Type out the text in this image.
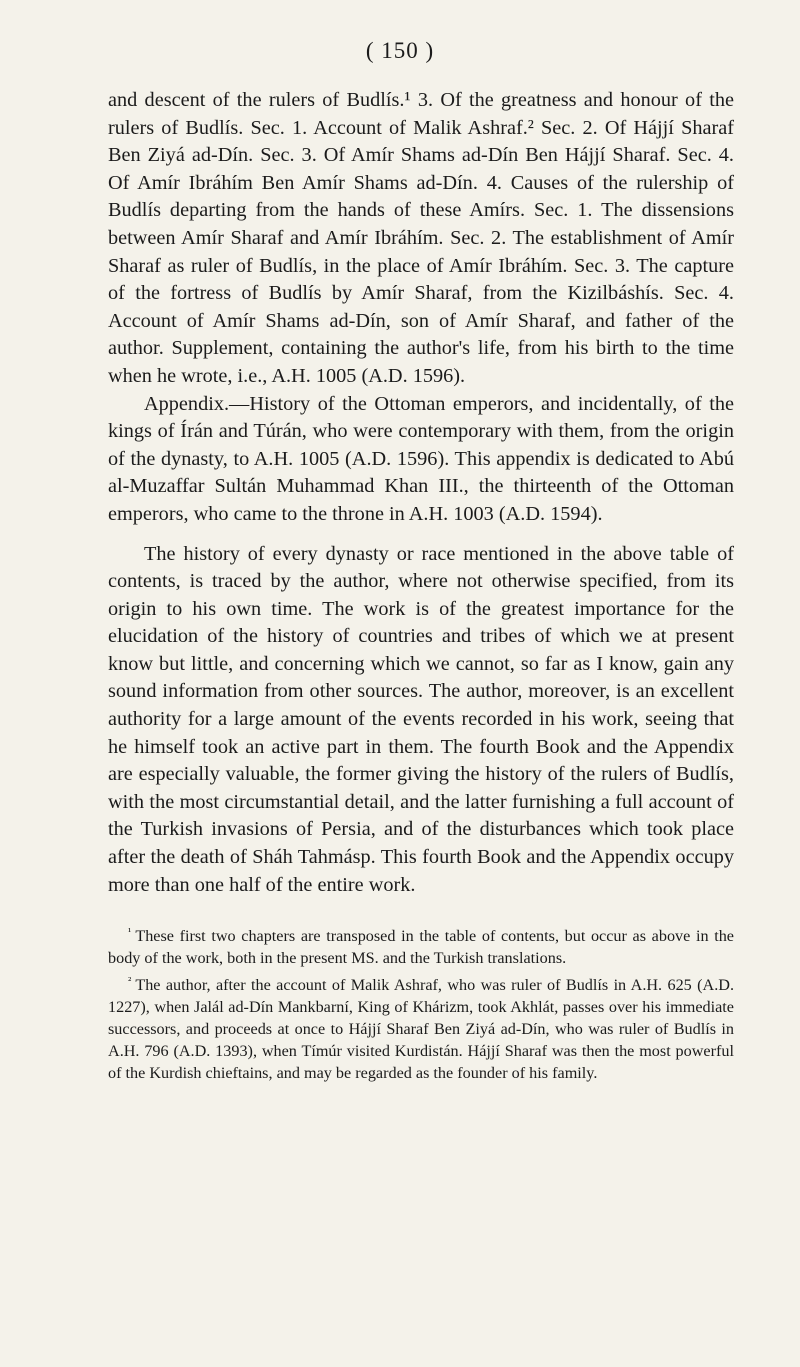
( 150 )

and descent of the rulers of Budlís.¹ 3. Of the greatness and honour of the rulers of Budlís. Sec. 1. Account of Malik Ashraf.² Sec. 2. Of Hájjí Sharaf Ben Ziyá ad-Dín. Sec. 3. Of Amír Shams ad-Dín Ben Hájjí Sharaf. Sec. 4. Of Amír Ibráhím Ben Amír Shams ad-Dín. 4. Causes of the rulership of Budlís departing from the hands of these Amírs. Sec. 1. The dissensions between Amír Sharaf and Amír Ibráhím. Sec. 2. The establishment of Amír Sharaf as ruler of Budlís, in the place of Amír Ibráhím. Sec. 3. The capture of the fortress of Budlís by Amír Sharaf, from the Kizilbáshís. Sec. 4. Account of Amír Shams ad-Dín, son of Amír Sharaf, and father of the author. Supplement, containing the author's life, from his birth to the time when he wrote, i.e., A.H. 1005 (A.D. 1596).

Appendix.—History of the Ottoman emperors, and incidentally, of the kings of Írán and Túrán, who were contemporary with them, from the origin of the dynasty, to A.H. 1005 (A.D. 1596). This appendix is dedicated to Abú al-Muzaffar Sultán Muhammad Khan III., the thirteenth of the Ottoman emperors, who came to the throne in A.H. 1003 (A.D. 1594).

The history of every dynasty or race mentioned in the above table of contents, is traced by the author, where not otherwise specified, from its origin to his own time. The work is of the greatest importance for the elucidation of the history of countries and tribes of which we at present know but little, and concerning which we cannot, so far as I know, gain any sound information from other sources. The author, moreover, is an excellent authority for a large amount of the events recorded in his work, seeing that he himself took an active part in them. The fourth Book and the Appendix are especially valuable, the former giving the history of the rulers of Budlís, with the most circumstantial detail, and the latter furnishing a full account of the Turkish invasions of Persia, and of the disturbances which took place after the death of Sháh Tahmásp. This fourth Book and the Appendix occupy more than one half of the entire work.

$^{^1}$ These first two chapters are transposed in the table of contents, but occur as above in the body of the work, both in the present MS. and the Turkish translations.

$^{^2}$ The author, after the account of Malik Ashraf, who was ruler of Budlís in A.H. 625 (A.D. 1227), when Jalál ad-Dín Mankbarní, King of Khárizm, took Akhlát, passes over his immediate successors, and proceeds at once to Hájjí Sharaf Ben Ziyá ad-Dín, who was ruler of Budlís in A.H. 796 (A.D. 1393), when Tímúr visited Kurdistán. Hájjí Sharaf was then the most powerful of the Kurdish chieftains, and may be regarded as the founder of his family.
